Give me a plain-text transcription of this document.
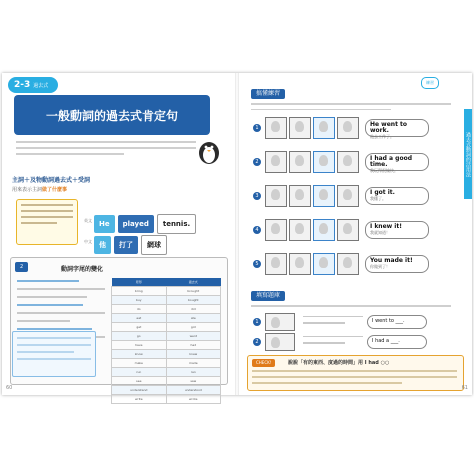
2-3 過去式
一般動詞的過去式肯定句
主詞＋及物動詞過去式＋受詞
用來表示主詞做了什麼事
英文
中文
He	played	tennis.
他	打了	網球
2	動詞字尾的變化
原形	過去式
bring	brought
buy	bought
do	did
eat	ate
get	got
go	went
have	had
know	knew
make	made
run	ran
see	saw
understand	understood
write	wrote
60
練習
搞懂練習
1	He went to work.
他去工作了。
2	I had a good time.
我玩得很愉快。
3	I got it.
我懂了。
4	I knew it!
我就知道！
5	You made it!
你做到了！
填寫題庫
1	I went to ___.
2	I had a ___.
CHECK!	說說「有的東西、度過的時間」用 I had ○○
過去式動詞的活用法
61
